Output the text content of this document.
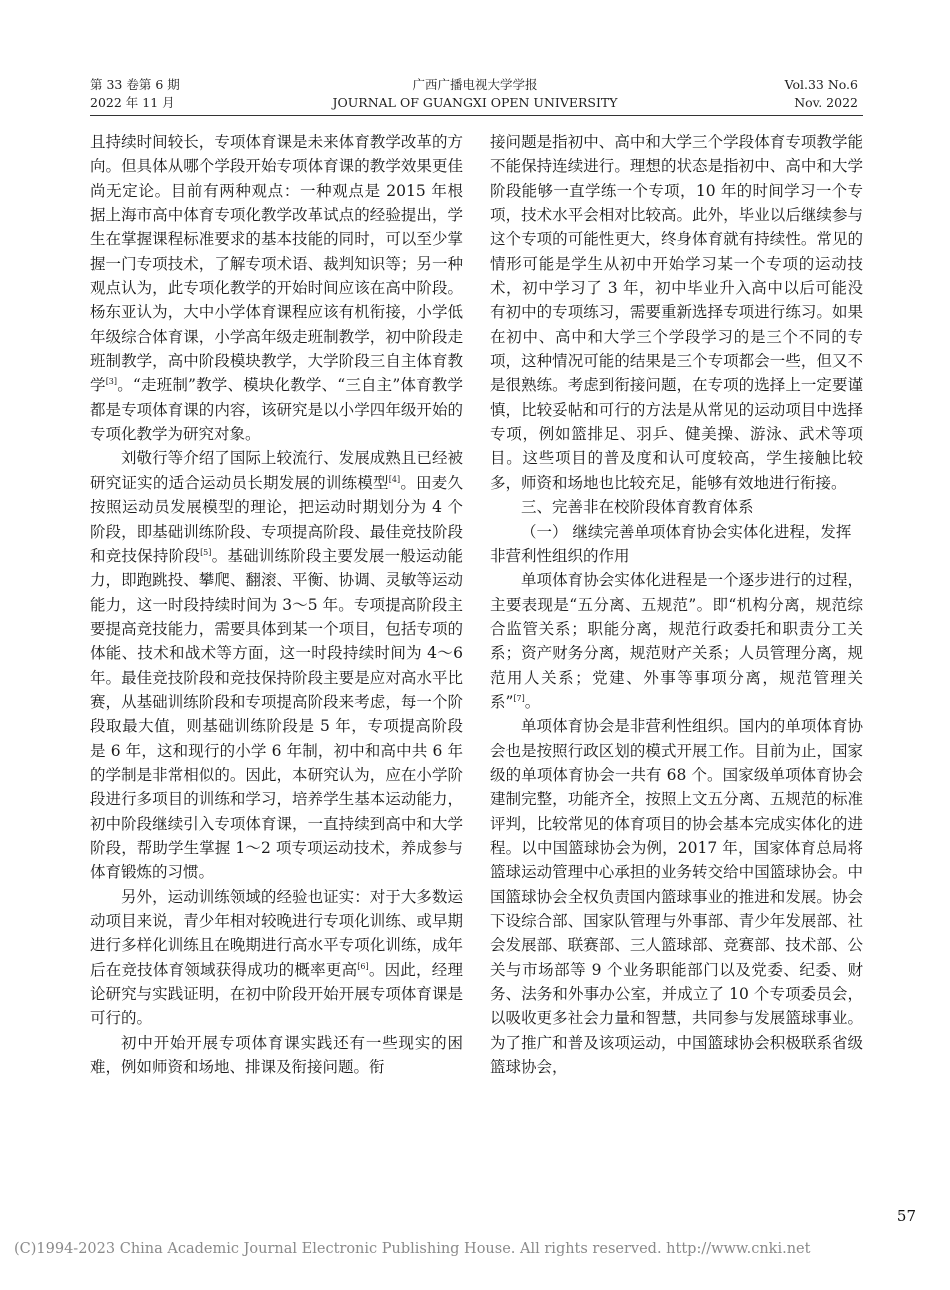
第 33 卷第 6 期
2022 年 11 月
广西广播电视大学学报
JOURNAL OF GUANGXI OPEN UNIVERSITY
Vol.33 No.6
Nov. 2022

且持续时间较长，专项体育课是未来体育教学改革的方向。但具体从哪个学段开始专项体育课的教学效果更佳尚无定论。目前有两种观点：一种观点是 2015 年根据上海市高中体育专项化教学改革试点的经验提出，学生在掌握课程标准要求的基本技能的同时，可以至少掌握一门专项技术，了解专项术语、裁判知识等；另一种观点认为，此专项化教学的开始时间应该在高中阶段。杨东亚认为，大中小学体育课程应该有机衔接，小学低年级综合体育课，小学高年级走班制教学，初中阶段走班制教学，高中阶段模块教学，大学阶段三自主体育教学[3]。“走班制”教学、模块化教学、“三自主”体育教学都是专项体育课的内容，该研究是以小学四年级开始的专项化教学为研究对象。

刘敬行等介绍了国际上较流行、发展成熟且已经被研究证实的适合运动员长期发展的训练模型[4]。田麦久按照运动员发展模型的理论，把运动时期划分为 4 个阶段，即基础训练阶段、专项提高阶段、最佳竞技阶段和竞技保持阶段[5]。基础训练阶段主要发展一般运动能力，即跑跳投、攀爬、翻滚、平衡、协调、灵敏等运动能力，这一时段持续时间为 3～5 年。专项提高阶段主要提高竞技能力，需要具体到某一个项目，包括专项的体能、技术和战术等方面，这一时段持续时间为 4～6 年。最佳竞技阶段和竞技保持阶段主要是应对高水平比赛，从基础训练阶段和专项提高阶段来考虑，每一个阶段取最大值，则基础训练阶段是 5 年，专项提高阶段是 6 年，这和现行的小学 6 年制，初中和高中共 6 年的学制是非常相似的。因此，本研究认为，应在小学阶段进行多项目的训练和学习，培养学生基本运动能力，初中阶段继续引入专项体育课，一直持续到高中和大学阶段，帮助学生掌握 1～2 项专项运动技术，养成参与体育锻炼的习惯。

另外，运动训练领域的经验也证实：对于大多数运动项目来说，青少年相对较晚进行专项化训练、或早期进行多样化训练且在晚期进行高水平专项化训练，成年后在竞技体育领域获得成功的概率更高[6]。因此，经理论研究与实践证明，在初中阶段开始开展专项体育课是可行的。

初中开始开展专项体育课实践还有一些现实的困难，例如师资和场地、排课及衔接问题。衔

接问题是指初中、高中和大学三个学段体育专项教学能不能保持连续进行。理想的状态是指初中、高中和大学阶段能够一直学练一个专项，10 年的时间学习一个专项，技术水平会相对比较高。此外，毕业以后继续参与这个专项的可能性更大，终身体育就有持续性。常见的情形可能是学生从初中开始学习某一个专项的运动技术，初中学习了 3 年，初中毕业升入高中以后可能没有初中的专项练习，需要重新选择专项进行练习。如果在初中、高中和大学三个学段学习的是三个不同的专项，这种情况可能的结果是三个专项都会一些，但又不是很熟练。考虑到衔接问题，在专项的选择上一定要谨慎，比较妥帖和可行的方法是从常见的运动项目中选择专项，例如篮排足、羽乒、健美操、游泳、武术等项目。这些项目的普及度和认可度较高，学生接触比较多，师资和场地也比较充足，能够有效地进行衔接。

三、完善非在校阶段体育教育体系

（一） 继续完善单项体育协会实体化进程，发挥非营利性组织的作用

单项体育协会实体化进程是一个逐步进行的过程，主要表现是“五分离、五规范”。即“机构分离，规范综合监管关系；职能分离，规范行政委托和职责分工关系；资产财务分离，规范财产关系；人员管理分离，规范用人关系；党建、外事等事项分离，规范管理关系”[7]。

单项体育协会是非营利性组织。国内的单项体育协会也是按照行政区划的模式开展工作。目前为止，国家级的单项体育协会一共有 68 个。国家级单项体育协会建制完整，功能齐全，按照上文五分离、五规范的标准评判，比较常见的体育项目的协会基本完成实体化的进程。以中国篮球协会为例，2017 年，国家体育总局将篮球运动管理中心承担的业务转交给中国篮球协会。中国篮球协会全权负责国内篮球事业的推进和发展。协会下设综合部、国家队管理与外事部、青少年发展部、社会发展部、联赛部、三人篮球部、竞赛部、技术部、公关与市场部等 9 个业务职能部门以及党委、纪委、财务、法务和外事办公室，并成立了 10 个专项委员会，以吸收更多社会力量和智慧，共同参与发展篮球事业。为了推广和普及该项运动，中国篮球协会积极联系省级篮球协会，

57
(C)1994-2023 China Academic Journal Electronic Publishing House. All rights reserved. http://www.cnki.net
